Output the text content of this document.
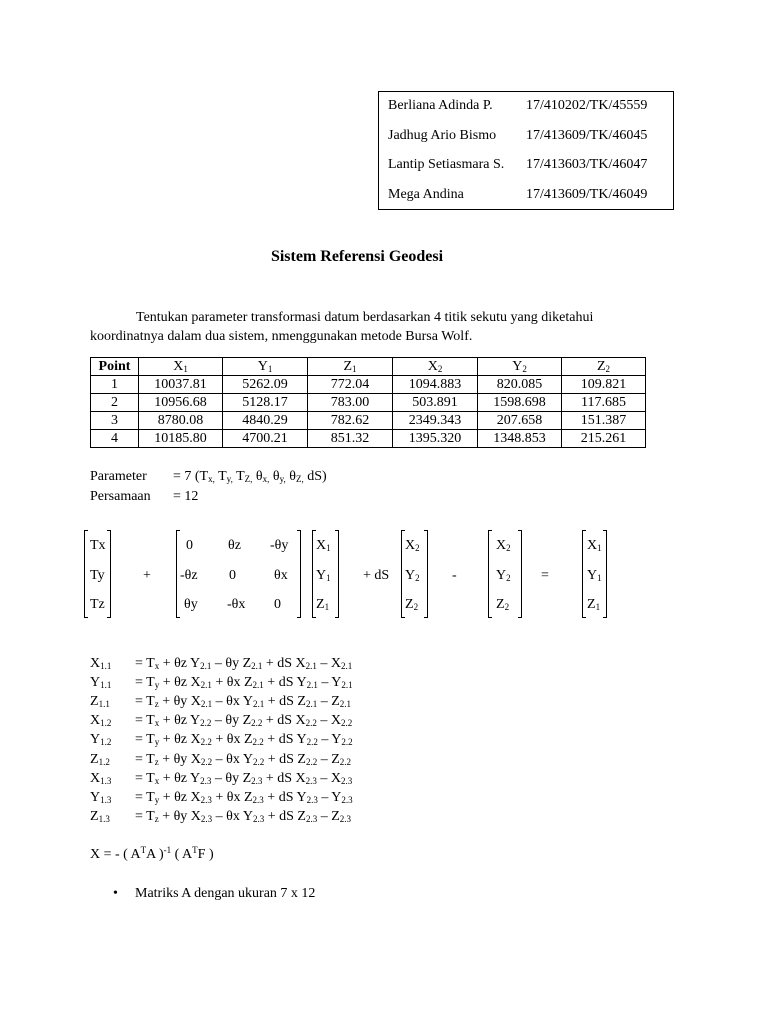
Berliana Adinda P. 17/410202/TK/45559
Jadhug Ario Bismo 17/413609/TK/46045
Lantip Setiasmara S. 17/413603/TK/46047
Mega Andina	17/413609/TK/46049
Sistem Referensi Geodesi
Tentukan parameter transformasi datum berdasarkan 4 titik sekutu yang diketahui
koordinatnya dalam dua sistem, nmenggunakan metode Bursa Wolf.
Point	$X_1$	$Y_1$	$Z_1$	$X_2$	$Y_2$	$Z_2$
1	10037.81	5262.09	772.04	1094.883	820.085	109.821
2	10956.68	5128.17	783.00	503.891	1598.698	117.685
3	8780.08	4840.29	782.62	2349.343	207.658	151.387
4	10185.80	4700.21	851.32	1395.320	1348.853	215.261
Parameter = 7 ($T_{x,}$ $T_{y,}$ $T_{Z,}$ $\theta_{x,}$ $\theta_{y,}$ $\theta_{Z,}$ dS)
Persamaan = 12
Tx
Ty
Tz
+
0	θz -θy
-θz 0	θx
θy -θx 0
$X_1$
$Y_1$
$Z_1$
+ dS
$X_2$
$Y_2$
$Z_2$
-
$X_2$
$Y_2$
$Z_2$
=
$X_1$
$Y_1$
$Z_1$
$X_{1.1} = T_x + \theta z$ $Y_{2.1}$ – θy $Z_{2.1}$ + dS $X_{2.1} - X_{2.1}$
$Y_{1.1} = T_y + \theta z$ $X_{2.1} + \theta x$ $Z_{2.1}$ + dS $Y_{2.1} - Y_{2.1}$
$Z_{1.1} = T_z + \theta y$ $X_{2.1}$ – θx $Y_{2.1}$ + dS $Z_{2.1} - Z_{2.1}$
$X_{1.2} = T_x + \theta z$ $Y_{2.2}$ – θy $Z_{2.2}$ + dS $X_{2.2} - X_{2.2}$
$Y_{1.2} = T_y + \theta z$ $X_{2.2} + \theta x$ $Z_{2.2}$ + dS $Y_{2.2} - Y_{2.2}$
$Z_{1.2} = T_z + \theta y$ $X_{2.2}$ – θx $Y_{2.2}$ + dS $Z_{2.2} - Z_{2.2}$
$X_{1.3} = T_x + \theta z$ $Y_{2.3}$ – θy $Z_{2.3}$ + dS $X_{2.3} - X_{2.3}$
$Y_{1.3} = T_y + \theta z$ $X_{2.3} + \theta x$ $Z_{2.3}$ + dS $Y_{2.3} - Y_{2.3}$
$Z_{1.3} = T_z + \theta y$ $X_{2.3}$ – θx $Y_{2.3}$ + dS $Z_{2.3} - Z_{2.3}$
X = - ( $A^TA$ )$^{-1}$ ( $A^TF$ )
• Matriks A dengan ukuran 7 x 12
